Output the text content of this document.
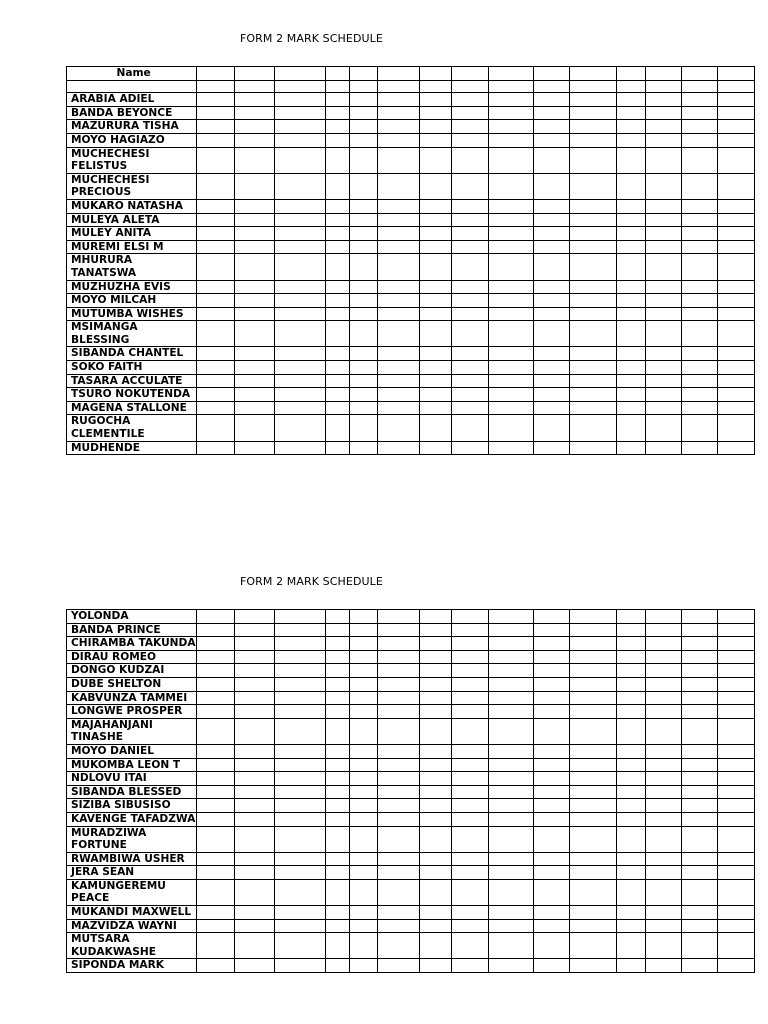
FORM 2 MARK SCHEDULE
Name															

ARABIA ADIEL															
BANDA BEYONCE															
MAZURURA TISHA															
MOYO HAGIAZO															
MUCHECHESI FELISTUS															
MUCHECHESI PRECIOUS															
MUKARO NATASHA															
MULEYA ALETA															
MULEY ANITA															
MUREMI ELSI M															
MHURURA TANATSWA															
MUZHUZHA EVIS															
MOYO MILCAH															
MUTUMBA WISHES															
MSIMANGA BLESSING															
SIBANDA CHANTEL															
SOKO FAITH															
TASARA ACCULATE															
TSURO NOKUTENDA															
MAGENA STALLONE															
RUGOCHA CLEMENTILE															
MUDHENDE															
FORM 2 MARK SCHEDULE
YOLONDA															
BANDA PRINCE															
CHIRAMBA TAKUNDA															
DIRAU ROMEO															
DONGO KUDZAI															
DUBE SHELTON															
KABVUNZA TAMMEI															
LONGWE PROSPER															
MAJAHANJANI TINASHE															
MOYO DANIEL															
MUKOMBA LEON T															
NDLOVU ITAI															
SIBANDA BLESSED															
SIZIBA SIBUSISO															
KAVENGE TAFADZWA															
MURADZIWA FORTUNE															
RWAMBIWA USHER															
JERA SEAN															
KAMUNGEREMU PEACE															
MUKANDI MAXWELL															
MAZVIDZA WAYNI															
MUTSARA KUDAKWASHE															
SIPONDA MARK															
